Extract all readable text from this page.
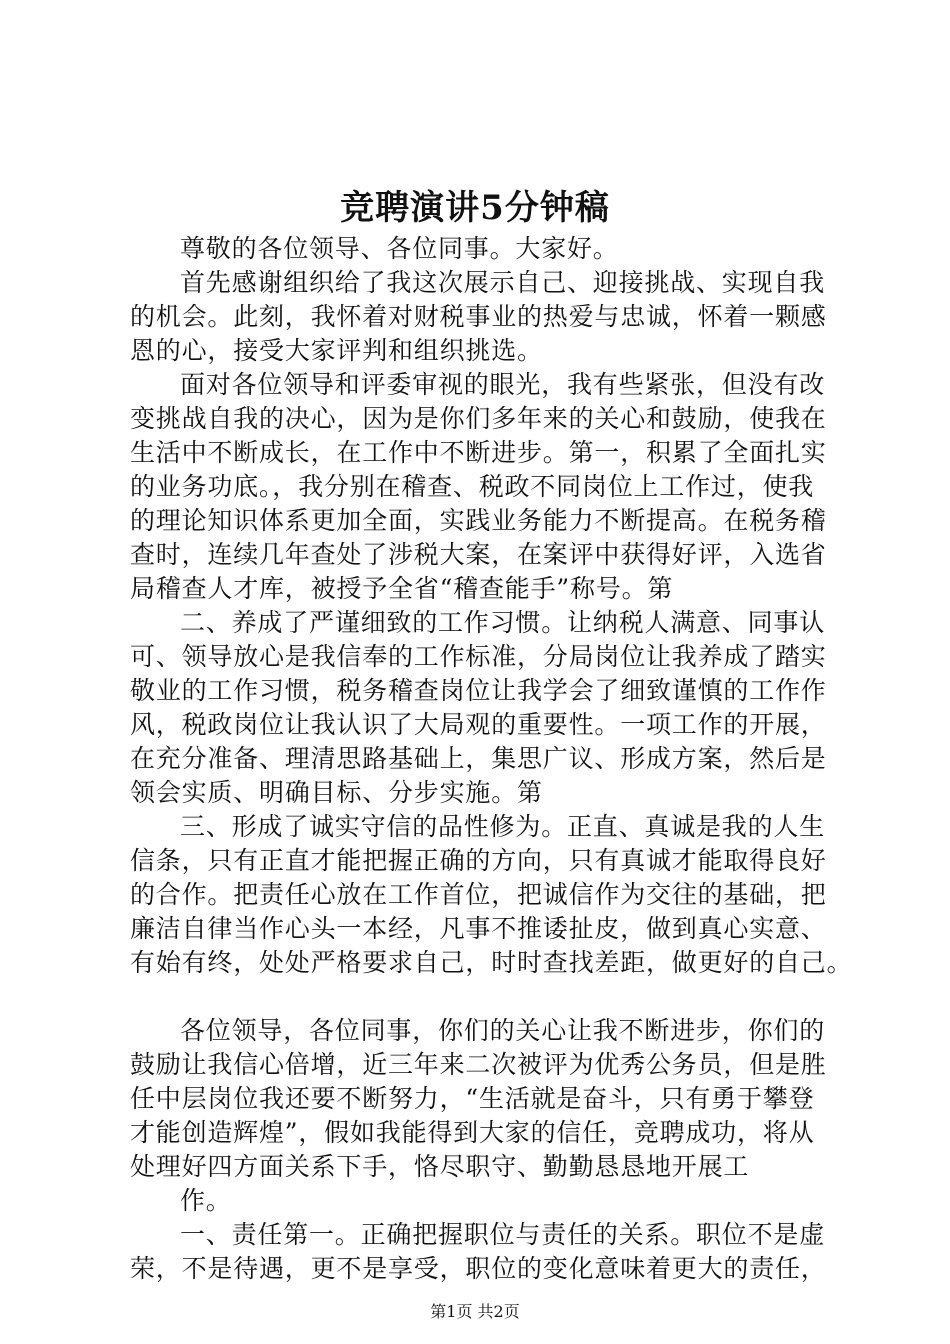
竞聘演讲5分钟稿
尊敬的各位领导、各位同事。大家好。
首先感谢组织给了我这次展示自己、迎接挑战、实现自我
的机会。此刻，我怀着对财税事业的热爱与忠诚，怀着一颗感
恩的心，接受大家评判和组织挑选。
面对各位领导和评委审视的眼光，我有些紧张，但没有改
变挑战自我的决心，因为是你们多年来的关心和鼓励，使我在
生活中不断成长，在工作中不断进步。第一，积累了全面扎实
的业务功底。，我分别在稽查、税政不同岗位上工作过，使我
的理论知识体系更加全面，实践业务能力不断提高。在税务稽
查时，连续几年查处了涉税大案，在案评中获得好评，入选省
局稽查人才库，被授予全省“稽查能手”称号。第
二、养成了严谨细致的工作习惯。让纳税人满意、同事认
可、领导放心是我信奉的工作标准，分局岗位让我养成了踏实
敬业的工作习惯，税务稽查岗位让我学会了细致谨慎的工作作
风，税政岗位让我认识了大局观的重要性。一项工作的开展，
在充分准备、理清思路基础上，集思广议、形成方案，然后是
领会实质、明确目标、分步实施。第
三、形成了诚实守信的品性修为。正直、真诚是我的人生
信条，只有正直才能把握正确的方向，只有真诚才能取得良好
的合作。把责任心放在工作首位，把诚信作为交往的基础，把
廉洁自律当作心头一本经，凡事不推诿扯皮，做到真心实意、
有始有终，处处严格要求自己，时时查找差距，做更好的自己。
各位领导，各位同事，你们的关心让我不断进步，你们的
鼓励让我信心倍增，近三年来二次被评为优秀公务员，但是胜
任中层岗位我还要不断努力，“生活就是奋斗，只有勇于攀登
才能创造辉煌”，假如我能得到大家的信任，竞聘成功，将从
处理好四方面关系下手，恪尽职守、勤勤恳恳地开展工
作。
一、责任第一。正确把握职位与责任的关系。职位不是虚
荣，不是待遇，更不是享受，职位的变化意味着更大的责任，
第1页 共2页
